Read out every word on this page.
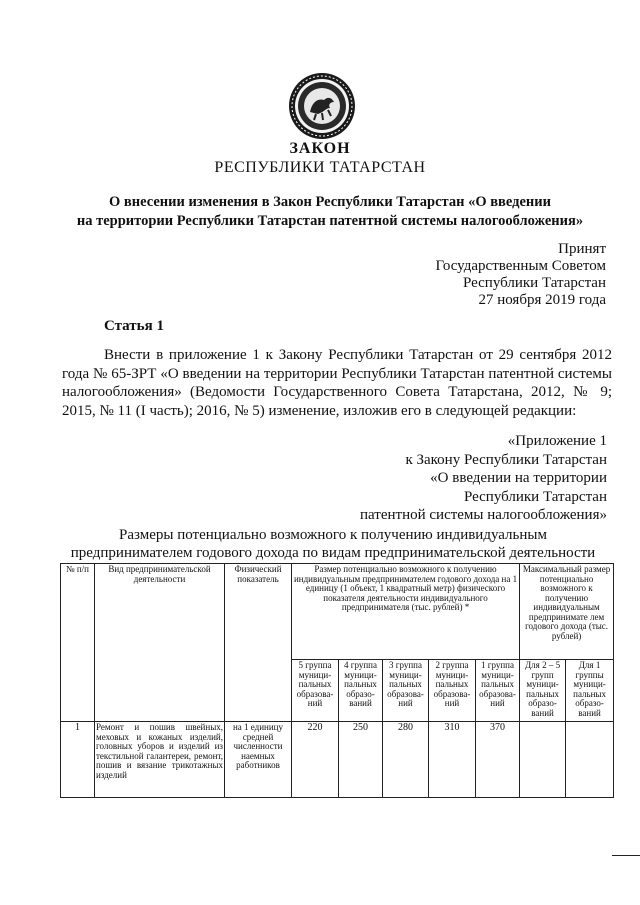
ЗАКОН
РЕСПУБЛИКИ ТАТАРСТАН
О внесении изменения в Закон Республики Татарстан «О введении
на территории Республики Татарстан патентной системы налогообложения»
Принят
Государственным Советом
Республики Татарстан
27 ноября 2019 года
Статья 1
Внести в приложение 1 к Закону Республики Татарстан от 29 сентября 2012 года № 65-ЗРТ «О введении на территории Республики Татарстан патентной системы налогообложения» (Ведомости Государственного Совета Татарстана, 2012, № 9; 2015, № 11 (I часть); 2016, № 5) изменение, изложив его в следующей редакции:
«Приложение 1
к Закону Республики Татарстан
«О введении на территории
Республики Татарстан
патентной системы налогообложения»
Размеры потенциально возможного к получению индивидуальным
предпринимателем годового дохода по видам предпринимательской деятельности
№ п/п	Вид предпринимательской деятельности	Физический показатель	Размер потенциально возможного к получению индивидуальным предпринимателем годового дохода на 1 единицу (1 объект, 1 квадратный метр) физического показателя деятельности индивидуального предпринимателя (тыс. рублей) *					Максимальный размер потенциально возможного к получению индивидуальным предпринимате лем годового дохода (тыс. рублей)	
			5 группа муници-пальных образова-ний	4 группа муници-пальных образо-ваний	3 группа муници-пальных образова-ний	2 группа муници-пальных образова-ний	1 группа муници-пальных образова-ний	Для 2 – 5 групп муници-пальных образо-ваний	Для 1 группы муници-пальных образо-ваний
1	Ремонт и пошив швейных, меховых и кожаных изделий, головных уборов и изделий из текстильной галантереи, ремонт, пошив и вязание трикотажных изделий	на 1 единицу средней численности наемных работников	220	250	280	310	370		
